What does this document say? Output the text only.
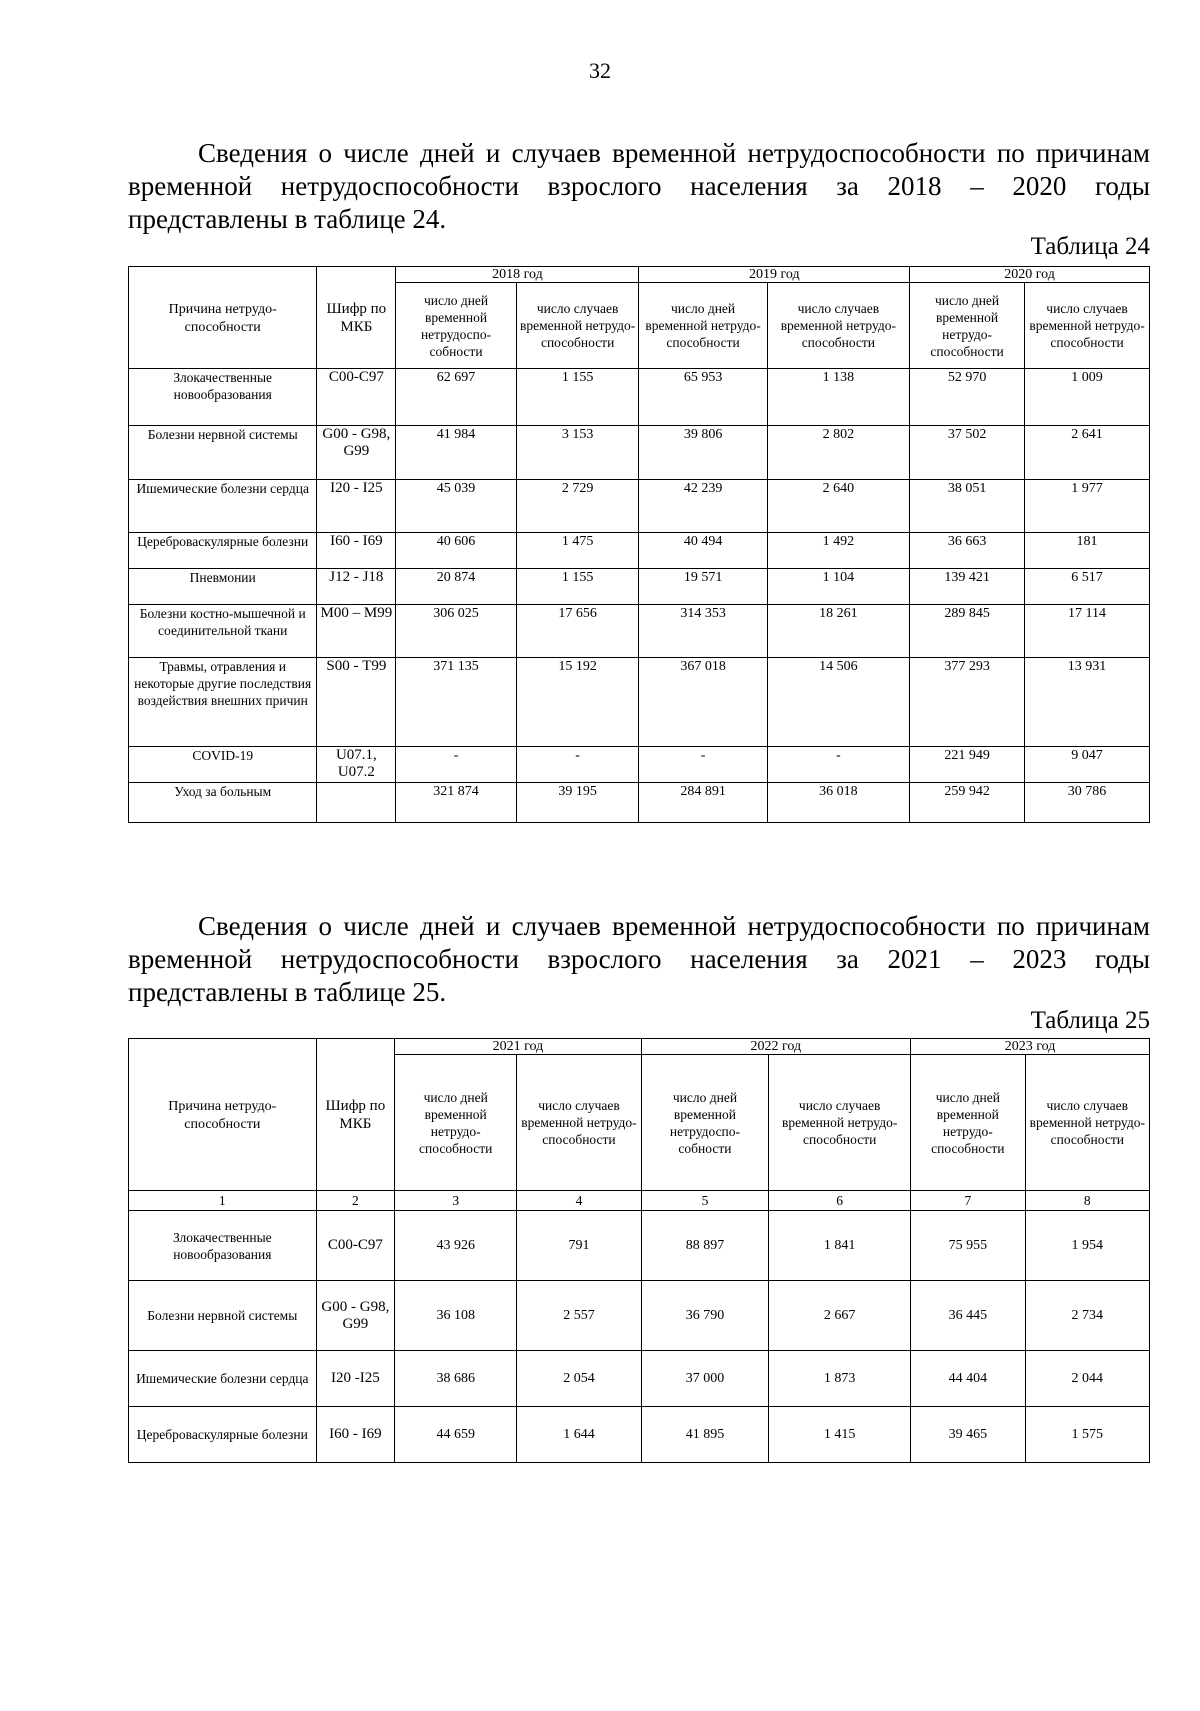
32
Сведения о числе дней и случаев временной нетрудоспособности по причинам
временной нетрудоспособности взрослого населения за 2018 – 2020 годы
представлены в таблице 24.
Таблица 24
Причина нетрудо-способности	Шифр по МКБ	2018 год		2019 год		2020 год	
		число дней временной нетрудоспо-собности	число случаев временной нетрудо-способности	число дней временной нетрудо-способности	число случаев временной нетрудо-способности	число дней временной нетрудо-способности	число случаев временной нетрудо-способности
Злокачественные новообразования	С00-С97	62 697	1 155	65 953	1 138	52 970	1 009
Болезни нервной системы	G00 - G98, G99	41 984	3 153	39 806	2 802	37 502	2 641
Ишемические болезни сердца	I20 - I25	45 039	2 729	42 239	2 640	38 051	1 977
Цереброваскулярные болезни	I60 - I69	40 606	1 475	40 494	1 492	36 663	181
Пневмонии	J12 - J18	20 874	1 155	19 571	1 104	139 421	6 517
Болезни костно-мышечной и соединительной ткани	М00 – М99	306 025	17 656	314 353	18 261	289 845	17 114
Травмы, отравления и некоторые другие последствия воздействия внешних причин	S00 - Т99	371 135	15 192	367 018	14 506	377 293	13 931
COVID-19	U07.1, U07.2	-	-	-	-	221 949	9 047
Уход за больным		321 874	39 195	284 891	36 018	259 942	30 786
Сведения о числе дней и случаев временной нетрудоспособности по причинам
временной нетрудоспособности взрослого населения за 2021 – 2023 годы
представлены в таблице 25.
Таблица 25
Причина нетрудо-способности	Шифр по МКБ	2021 год		2022 год		2023 год	
		число дней временной нетрудо-способности	число случаев временной нетрудо-способности	число дней временной нетрудоспо-собности	число случаев временной нетрудо-способности	число дней временной нетрудо-способности	число случаев временной нетрудо-способности
1	2	3	4	5	6	7	8
Злокачественные новообразования	С00-С97	43 926	791	88 897	1 841	75 955	1 954
Болезни нервной системы	G00 - G98, G99	36 108	2 557	36 790	2 667	36 445	2 734
Ишемические болезни сердца	I20 -I25	38 686	2 054	37 000	1 873	44 404	2 044
Цереброваскулярные болезни	I60 - I69	44 659	1 644	41 895	1 415	39 465	1 575
